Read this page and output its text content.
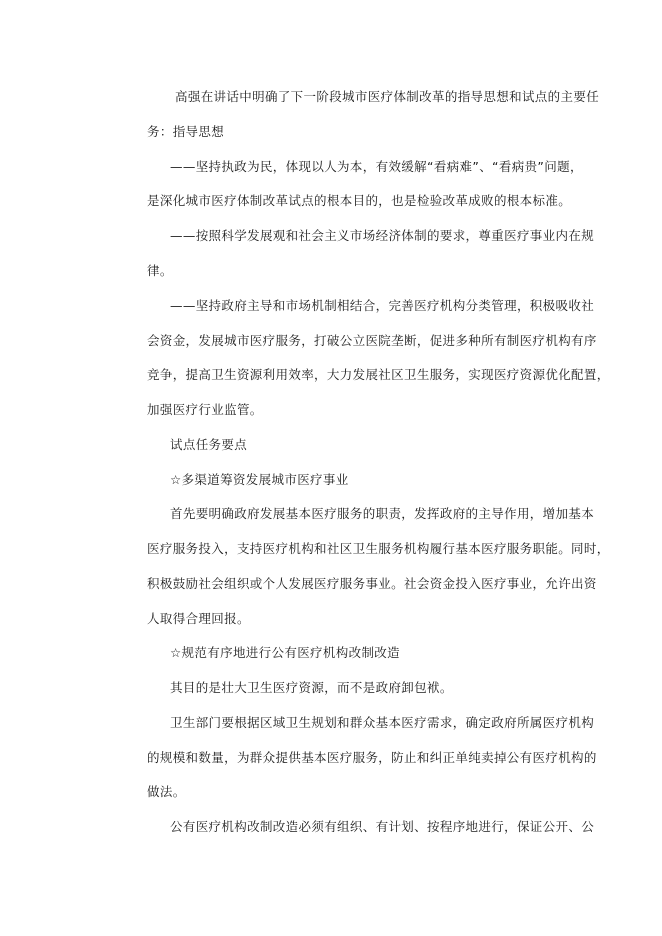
高强在讲话中明确了下一阶段城市医疗体制改革的指导思想和试点的主要任
务：指导思想
——坚持执政为民，体现以人为本，有效缓解“看病难”、“看病贵”问题，
是深化城市医疗体制改革试点的根本目的，也是检验改革成败的根本标准。
——按照科学发展观和社会主义市场经济体制的要求，尊重医疗事业内在规
律。
——坚持政府主导和市场机制相结合，完善医疗机构分类管理，积极吸收社
会资金，发展城市医疗服务，打破公立医院垄断，促进多种所有制医疗机构有序
竞争，提高卫生资源利用效率，大力发展社区卫生服务，实现医疗资源优化配置，
加强医疗行业监管。
试点任务要点
☆多渠道筹资发展城市医疗事业
首先要明确政府发展基本医疗服务的职责，发挥政府的主导作用，增加基本
医疗服务投入，支持医疗机构和社区卫生服务机构履行基本医疗服务职能。同时，
积极鼓励社会组织或个人发展医疗服务事业。社会资金投入医疗事业，允许出资
人取得合理回报。
☆规范有序地进行公有医疗机构改制改造
其目的是壮大卫生医疗资源，而不是政府卸包袱。
卫生部门要根据区域卫生规划和群众基本医疗需求，确定政府所属医疗机构
的规模和数量，为群众提供基本医疗服务，防止和纠正单纯卖掉公有医疗机构的
做法。
公有医疗机构改制改造必须有组织、有计划、按程序地进行，保证公开、公
